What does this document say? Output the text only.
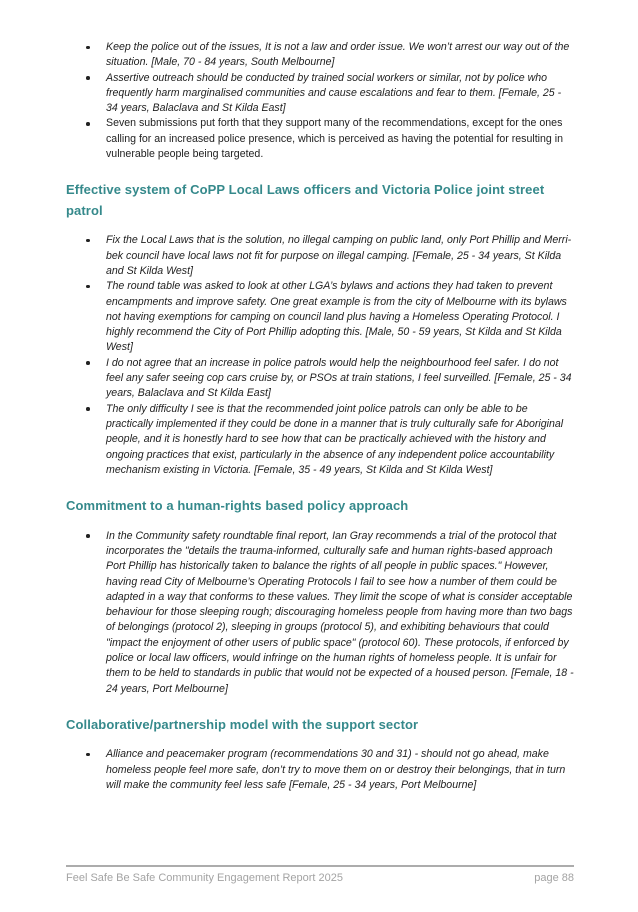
Keep the police out of the issues, It is not a law and order issue. We won’t arrest our way out of the situation. [Male, 70 - 84 years, South Melbourne]
Assertive outreach should be conducted by trained social workers or similar, not by police who frequently harm marginalised communities and cause escalations and fear to them. [Female, 25 - 34 years, Balaclava and St Kilda East]
Seven submissions put forth that they support many of the recommendations, except for the ones calling for an increased police presence, which is perceived as having the potential for resulting in vulnerable people being targeted.
Effective system of CoPP Local Laws officers and Victoria Police joint street patrol
Fix the Local Laws that is the solution, no illegal camping on public land, only Port Phillip and Merri-bek council have local laws not fit for purpose on illegal camping. [Female, 25 - 34 years, St Kilda and St Kilda West]
The round table was asked to look at other LGA’s bylaws and actions they had taken to prevent encampments and improve safety. One great example is from the city of Melbourne with its bylaws not having exemptions for camping on council land plus having a Homeless Operating Protocol. I highly recommend the City of Port Phillip adopting this. [Male, 50 - 59 years, St Kilda and St Kilda West]
I do not agree that an increase in police patrols would help the neighbourhood feel safer. I do not feel any safer seeing cop cars cruise by, or PSOs at train stations, I feel surveilled. [Female, 25 - 34 years, Balaclava and St Kilda East]
The only difficulty I see is that the recommended joint police patrols can only be able to be practically implemented if they could be done in a manner that is truly culturally safe for Aboriginal people, and it is honestly hard to see how that can be practically achieved with the history and ongoing practices that exist, particularly in the absence of any independent police accountability mechanism existing in Victoria. [Female, 35 - 49 years, St Kilda and St Kilda West]
Commitment to a human-rights based policy approach
In the Community safety roundtable final report, Ian Gray recommends a trial of the protocol that incorporates the "details the trauma-informed, culturally safe and human rights-based approach Port Phillip has historically taken to balance the rights of all people in public spaces." However, having read City of Melbourne’s Operating Protocols I fail to see how a number of them could be adapted in a way that conforms to these values. They limit the scope of what is consider acceptable behaviour for those sleeping rough; discouraging homeless people from having more than two bags of belongings (protocol 2), sleeping in groups (protocol 5), and exhibiting behaviours that could "impact the enjoyment of other users of public space" (protocol 60). These protocols, if enforced by police or local law officers, would infringe on the human rights of homeless people. It is unfair for them to be held to standards in public that would not be expected of a housed person. [Female, 18 - 24 years, Port Melbourne]
Collaborative/partnership model with the support sector
Alliance and peacemaker program (recommendations 30 and 31) - should not go ahead, make homeless people feel more safe, don’t try to move them on or destroy their belongings, that in turn will make the community feel less safe [Female, 25 - 34 years, Port Melbourne]
Feel Safe Be Safe Community Engagement Report 2025	page 88
